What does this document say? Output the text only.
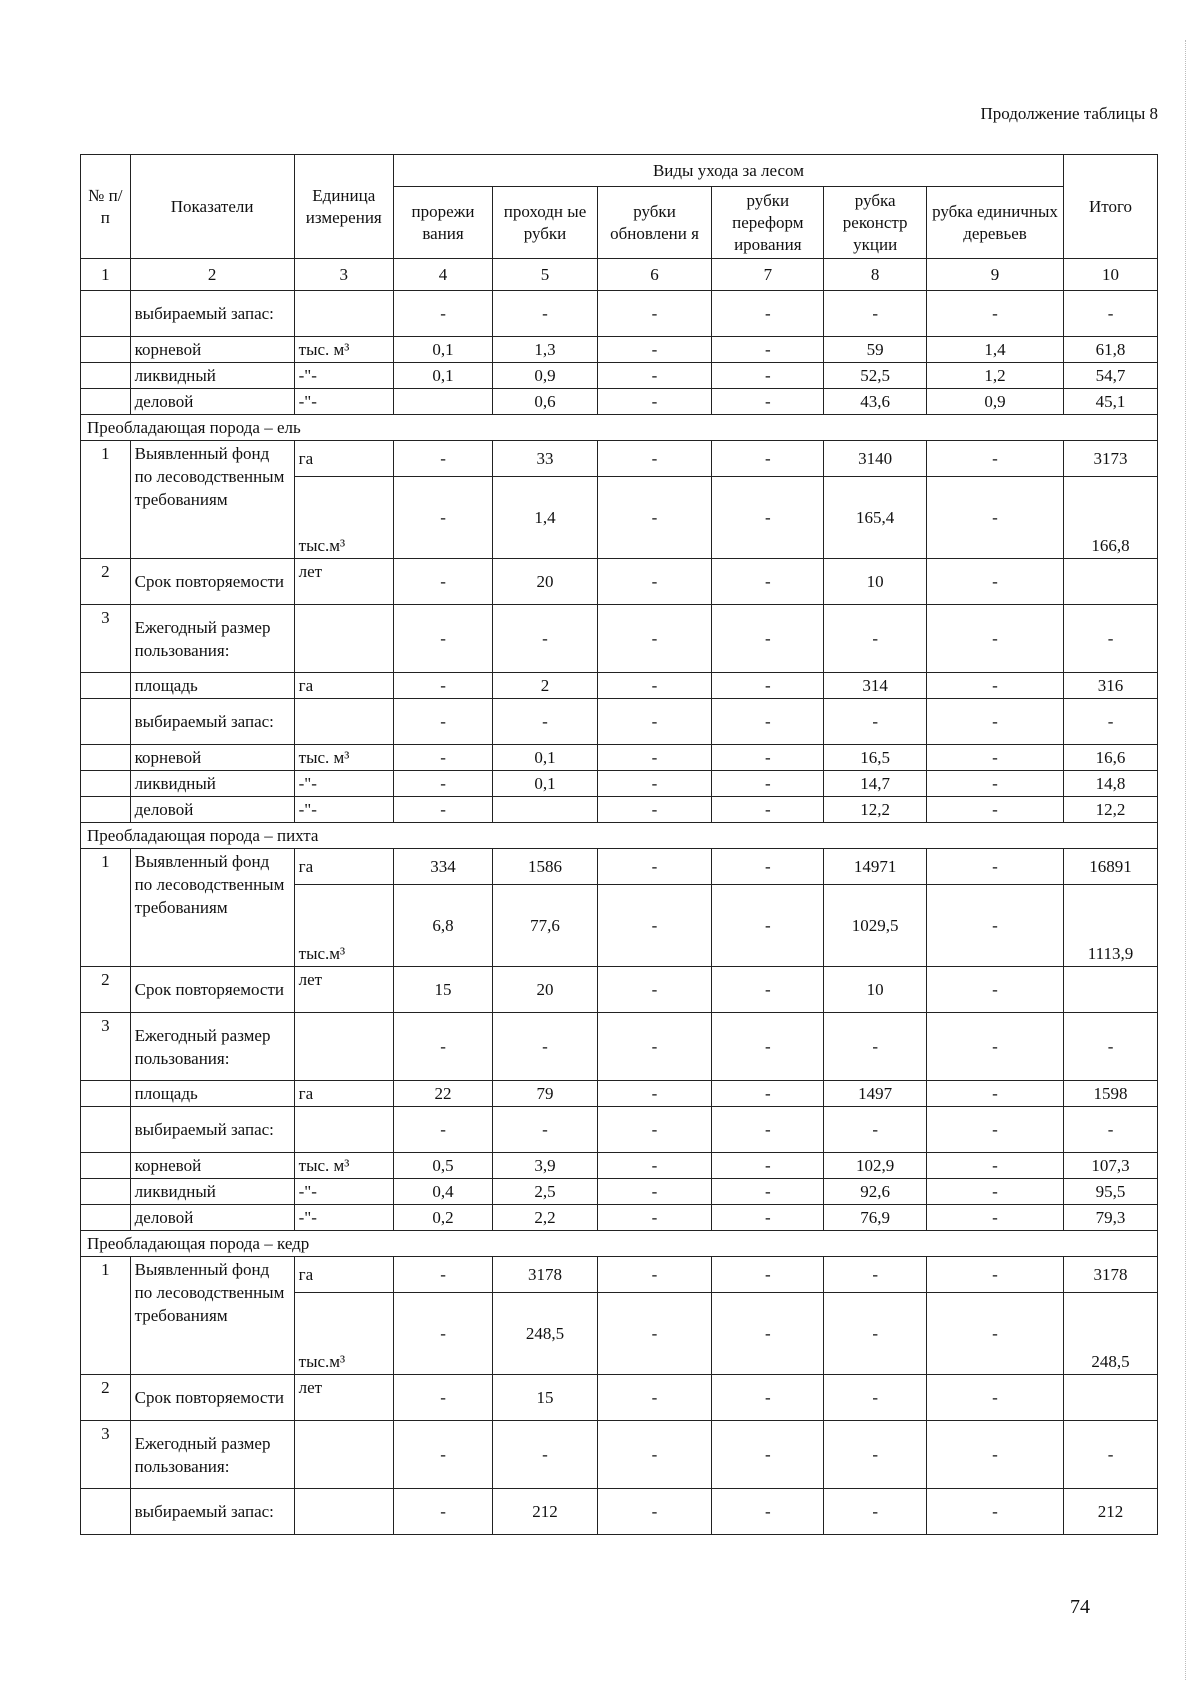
Продолжение таблицы 8
№ п/п	Показатели	Единица измерения	Виды ухода за лесом						Итого
			прорежи вания	проходн ые рубки	рубки обновлени я	рубки переформ ирования	рубка реконстр укции	рубка единичных деревьев	
1	2	3	4	5	6	7	8	9	10
	выбираемый запас:		-	-	-	-	-	-	-
	корневой	тыс. м³	0,1	1,3	-	-	59	1,4	61,8
	ликвидный	-"-	0,1	0,9	-	-	52,5	1,2	54,7
	деловой	-"-		0,6	-	-	43,6	0,9	45,1
Преобладающая порода – ель									
1	Выявленный фонд по лесоводственным требованиям	га	-	33	-	-	3140	-	3173
		тыс.м³	-	1,4	-	-	165,4	-	166,8
2	Срок повторяемости	лет	-	20	-	-	10	-	
3	Ежегодный размер пользования:		-	-	-	-	-	-	-
	площадь	га	-	2	-	-	314	-	316
	выбираемый запас:		-	-	-	-	-	-	-
	корневой	тыс. м³	-	0,1	-	-	16,5	-	16,6
	ликвидный	-"-	-	0,1	-	-	14,7	-	14,8
	деловой	-"-	-		-	-	12,2	-	12,2
Преобладающая порода – пихта									
1	Выявленный фонд по лесоводственным требованиям	га	334	1586	-	-	14971	-	16891
		тыс.м³	6,8	77,6	-	-	1029,5	-	1113,9
2	Срок повторяемости	лет	15	20	-	-	10	-	
3	Ежегодный размер пользования:		-	-	-	-	-	-	-
	площадь	га	22	79	-	-	1497	-	1598
	выбираемый запас:		-	-	-	-	-	-	-
	корневой	тыс. м³	0,5	3,9	-	-	102,9	-	107,3
	ликвидный	-"-	0,4	2,5	-	-	92,6	-	95,5
	деловой	-"-	0,2	2,2	-	-	76,9	-	79,3
Преобладающая порода – кедр									
1	Выявленный фонд по лесоводственным требованиям	га	-	3178	-	-	-	-	3178
		тыс.м³	-	248,5	-	-	-	-	248,5
2	Срок повторяемости	лет	-	15	-	-	-	-	
3	Ежегодный размер пользования:		-	-	-	-	-	-	-
	выбираемый запас:		-	212	-	-	-	-	212
74
